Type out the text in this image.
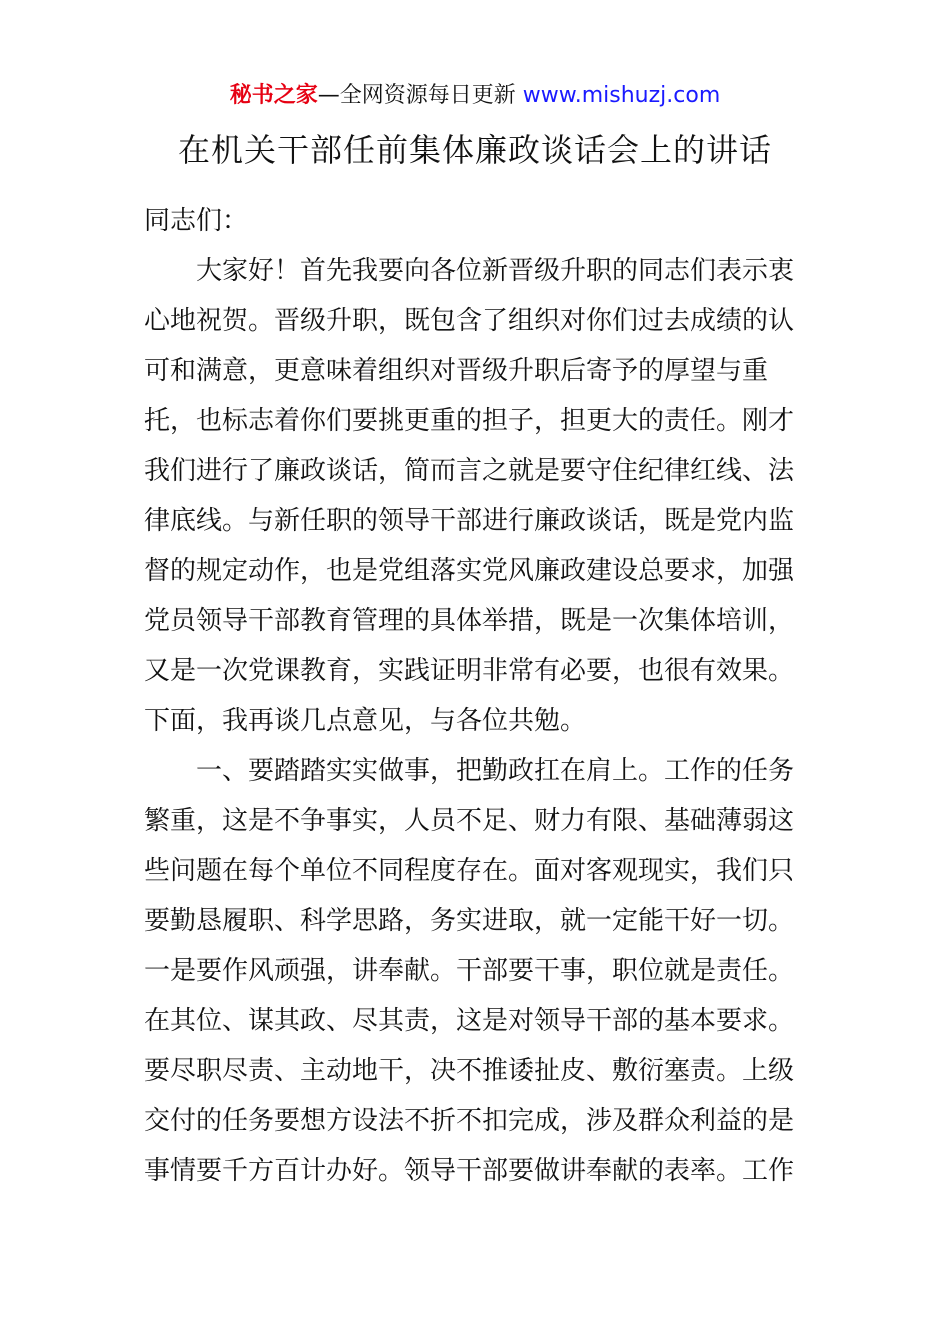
秘书之家—全网资源每日更新 www.mishuzj.com
在机关干部任前集体廉政谈话会上的讲话
同志们：
大家好！首先我要向各位新晋级升职的同志们表示衷
心地祝贺。晋级升职，既包含了组织对你们过去成绩的认
可和满意，更意味着组织对晋级升职后寄予的厚望与重
托，也标志着你们要挑更重的担子，担更大的责任。刚才
我们进行了廉政谈话，简而言之就是要守住纪律红线、法
律底线。与新任职的领导干部进行廉政谈话，既是党内监
督的规定动作，也是党组落实党风廉政建设总要求，加强
党员领导干部教育管理的具体举措，既是一次集体培训，
又是一次党课教育，实践证明非常有必要，也很有效果。
下面，我再谈几点意见，与各位共勉。
一、要踏踏实实做事，把勤政扛在肩上。工作的任务
繁重，这是不争事实，人员不足、财力有限、基础薄弱这
些问题在每个单位不同程度存在。面对客观现实，我们只
要勤恳履职、科学思路，务实进取，就一定能干好一切。
一是要作风顽强，讲奉献。干部要干事，职位就是责任。
在其位、谋其政、尽其责，这是对领导干部的基本要求。
要尽职尽责、主动地干，决不推诿扯皮、敷衍塞责。上级
交付的任务要想方设法不折不扣完成，涉及群众利益的是
事情要千方百计办好。领导干部要做讲奉献的表率。工作
